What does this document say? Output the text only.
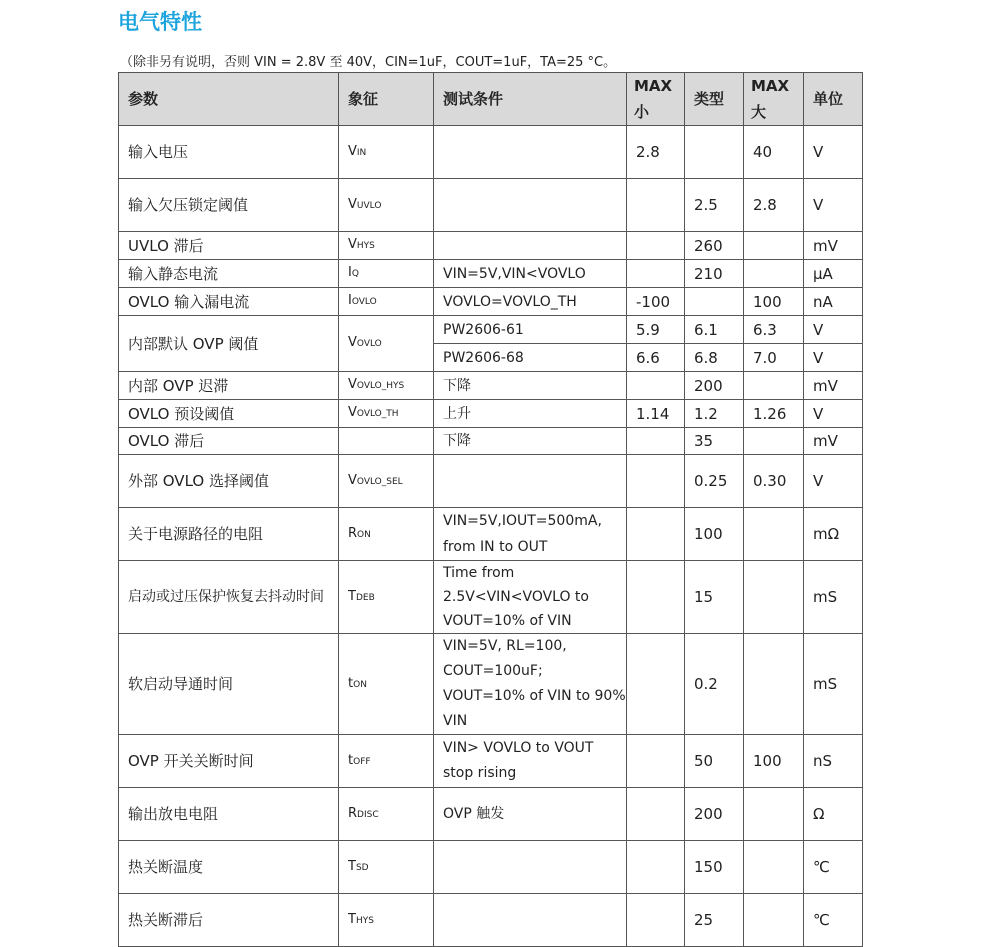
电气特性
（除非另有说明，否则 VIN = 2.8V 至 40V，CIN=1uF，COUT=1uF，TA=25 °C。
参数	象征	测试条件	MAX小	类型	MAX大	单位
输入电压	VIN		2.8		40	V
输入欠压锁定阈值	VUVLO			2.5	2.8	V
UVLO 滞后	VHYS			260		mV
输入静态电流	IQ	VIN=5V,VIN<VOVLO		210		μA
OVLO 输入漏电流	IOVLO	VOVLO=VOVLO_TH	-100		100	nA
内部默认 OVP 阈值	VOVLO	PW2606-61	5.9	6.1	6.3	V
		PW2606-68	6.6	6.8	7.0	V
内部 OVP 迟滞	VOVLO_HYS	下降		200		mV
OVLO 预设阈值	VOVLO_TH	上升	1.14	1.2	1.26	V
OVLO 滞后		下降		35		mV
外部 OVLO 选择阈值	VOVLO_SEL			0.25	0.30	V
关于电源路径的电阻	RON	VIN=5V,IOUT=500mA, from IN to OUT		100		mΩ
启动或过压保护恢复去抖动时间	TDEB	Time from 2.5V<VIN<VOVLO to VOUT=10% of VIN		15		mS
软启动导通时间	tON	VIN=5V, RL=100, COUT=100uF; VOUT=10% of VIN to 90% VIN		0.2		mS
OVP 开关关断时间	tOFF	VIN> VOVLO to VOUT stop rising		50	100	nS
输出放电电阻	RDISC	OVP 触发		200		Ω
热关断温度	TSD			150		℃
热关断滞后	THYS			25		℃
